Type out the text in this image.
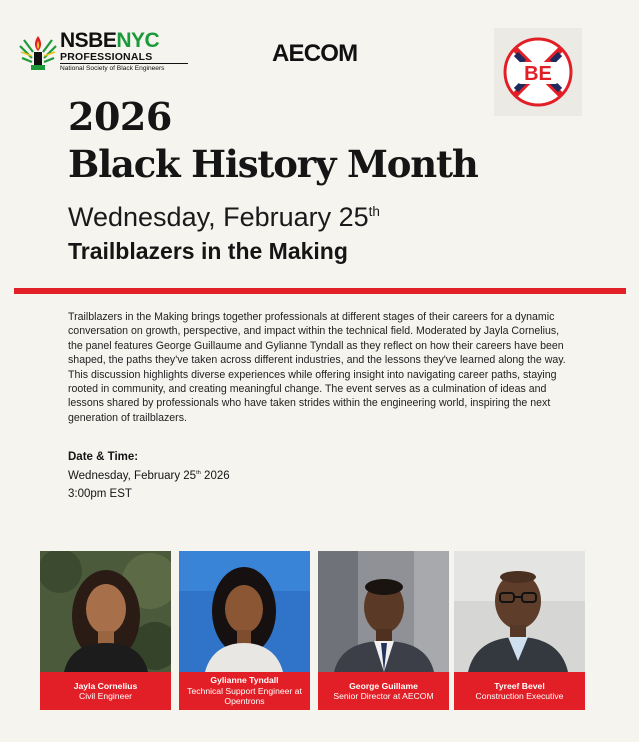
NSBENYC
PROFESSIONALS
National Society of Black Engineers
AECOM
BE
2026
Black History Month
Wednesday, February 25th
Trailblazers in the Making
Trailblazers in the Making brings together professionals at different stages of their careers for a dynamic conversation on growth, perspective, and impact within the technical field. Moderated by Jayla Cornelius, the panel features George Guillaume and Gylianne Tyndall as they reflect on how their careers have been shaped, the paths they've taken across different industries, and the lessons they've learned along the way. This discussion highlights diverse experiences while offering insight into navigating career paths, staying rooted in community, and creating meaningful change. The event serves as a culmination of ideas and lessons shared by professionals who have taken strides within the engineering world, inspiring the next generation of trailblazers.
Date & Time:
Wednesday, February 25th 2026
3:00pm EST
Jayla Cornelius
Civil Engineer
Gylianne Tyndall
Technical Support Engineer at Opentrons
George Guillame
Senior Director at AECOM
Tyreef Bevel
Construction Executive
